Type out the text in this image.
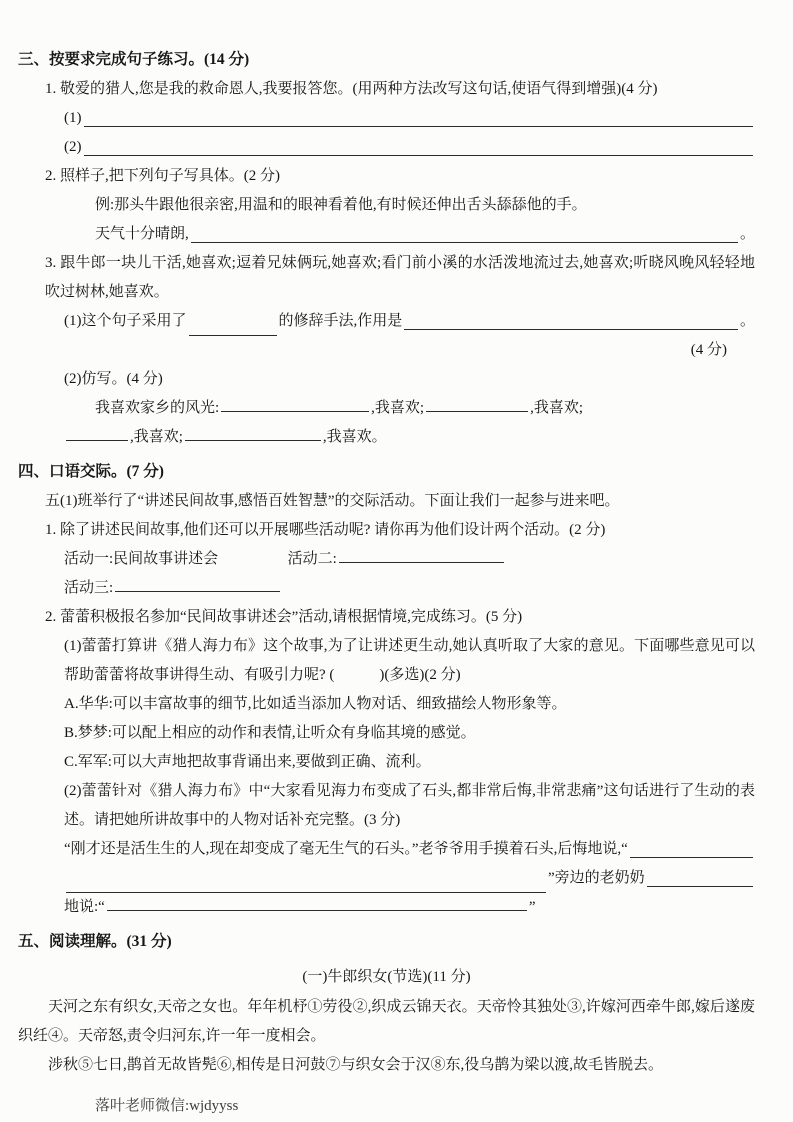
三、按要求完成句子练习。(14 分)
1. 敬爱的猎人,您是我的救命恩人,我要报答您。(用两种方法改写这句话,使语气得到增强)(4 分)
(1)
(2)
2. 照样子,把下列句子写具体。(2 分)
例:那头牛跟他很亲密,用温和的眼神看着他,有时候还伸出舌头舔舔他的手。
天气十分晴朗,	。
3. 跟牛郎一块儿干活,她喜欢;逗着兄妹俩玩,她喜欢;看门前小溪的水活泼地流过去,她喜欢;听晓风晚风轻轻地吹过树林,她喜欢。
(1)这个句子采用了	的修辞手法,作用是	。
(4 分)
(2)仿写。(4 分)
我喜欢家乡的风光:	,我喜欢;	,我喜欢;
,我喜欢;	,我喜欢。
四、口语交际。(7 分)
五(1)班举行了“讲述民间故事,感悟百姓智慧”的交际活动。下面让我们一起参与进来吧。
1. 除了讲述民间故事,他们还可以开展哪些活动呢? 请你再为他们设计两个活动。(2 分)
活动一:民间故事讲述会	活动二:
活动三:
2. 蕾蕾积极报名参加“民间故事讲述会”活动,请根据情境,完成练习。(5 分)
(1)蕾蕾打算讲《猎人海力布》这个故事,为了让讲述更生动,她认真听取了大家的意见。下面哪些意见可以帮助蕾蕾将故事讲得生动、有吸引力呢? (　　　)(多选)(2 分)
A.华华:可以丰富故事的细节,比如适当添加人物对话、细致描绘人物形象等。
B.梦梦:可以配上相应的动作和表情,让听众有身临其境的感觉。
C.军军:可以大声地把故事背诵出来,要做到正确、流利。
(2)蕾蕾针对《猎人海力布》中“大家看见海力布变成了石头,都非常后悔,非常悲痛”这句话进行了生动的表述。请把她所讲故事中的人物对话补充完整。(3 分)
“刚才还是活生生的人,现在却变成了毫无生气的石头。”老爷爷用手摸着石头,后悔地说,“
”旁边的老奶奶
地说:“	”
五、阅读理解。(31 分)
(一)牛郎织女(节选)(11 分)
天河之东有织女,天帝之女也。年年机杼①劳役②,织成云锦天衣。天帝怜其独处③,许嫁河西牵牛郎,嫁后遂废织纴④。天帝怒,责令归河东,许一年一度相会。
涉秋⑤七日,鹊首无故皆髡⑥,相传是日河鼓⑦与织女会于汉⑧东,役乌鹊为梁以渡,故毛皆脱去。
落叶老师微信:wjdyyss
